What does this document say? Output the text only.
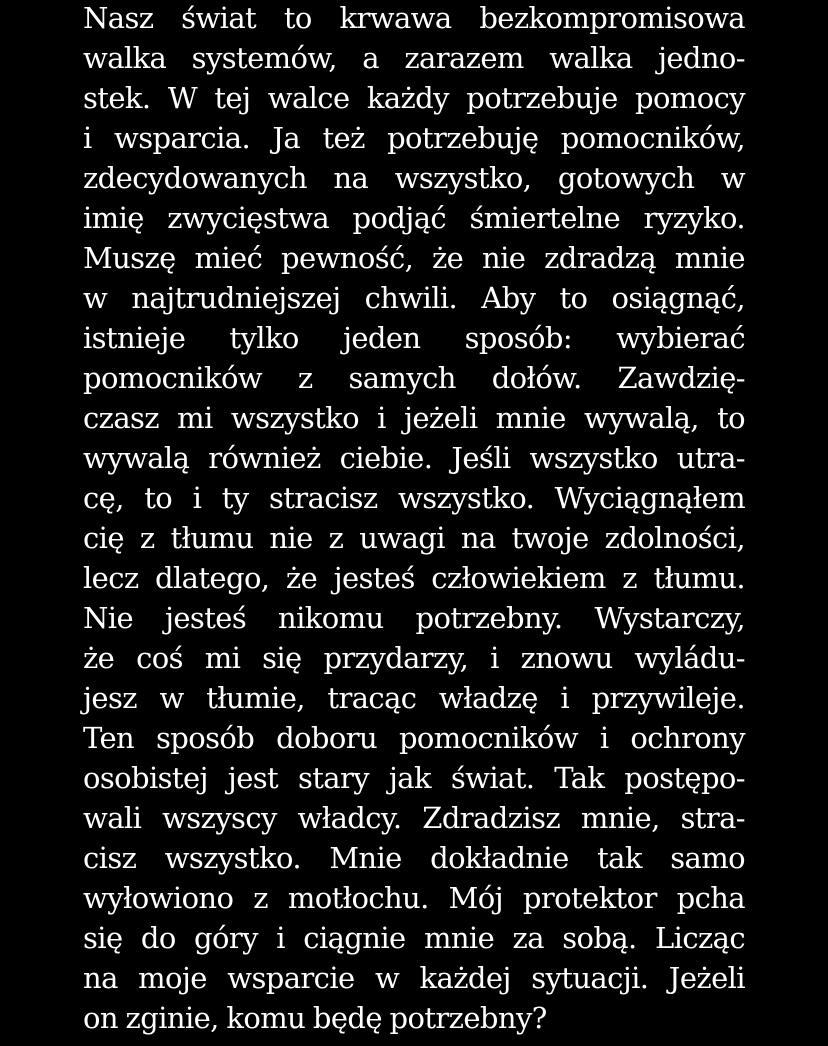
Nasz świat to krwawa bezkompromisowa
walka systemów, a zarazem walka jedno-
stek. W tej walce każdy potrzebuje pomocy
i wsparcia. Ja też potrzebuję pomocników,
zdecydowanych na wszystko, gotowych w
imię zwycięstwa podjąć śmiertelne ryzyko.
Muszę mieć pewność, że nie zdradzą mnie
w najtrudniejszej chwili. Aby to osiągnąć,
istnieje tylko jeden sposób: wybierać
pomocników z samych dołów. Zawdzię-
czasz mi wszystko i jeżeli mnie wywalą, to
wywalą również ciebie. Jeśli wszystko utra-
cę, to i ty stracisz wszystko. Wyciągnąłem
cię z tłumu nie z uwagi na twoje zdolności,
lecz dlatego, że jesteś człowiekiem z tłumu.
Nie jesteś nikomu potrzebny. Wystarczy,
że coś mi się przydarzy, i znowu wyládu-
jesz w tłumie, tracąc władzę i przywileje.
Ten sposób doboru pomocników i ochrony
osobistej jest stary jak świat. Tak postępo-
wali wszyscy władcy. Zdradzisz mnie, stra-
cisz wszystko. Mnie dokładnie tak samo
wyłowiono z motłochu. Mój protektor pcha
się do góry i ciągnie mnie za sobą. Licząc
na moje wsparcie w każdej sytuacji. Jeżeli
on zginie, komu będę potrzebny?
